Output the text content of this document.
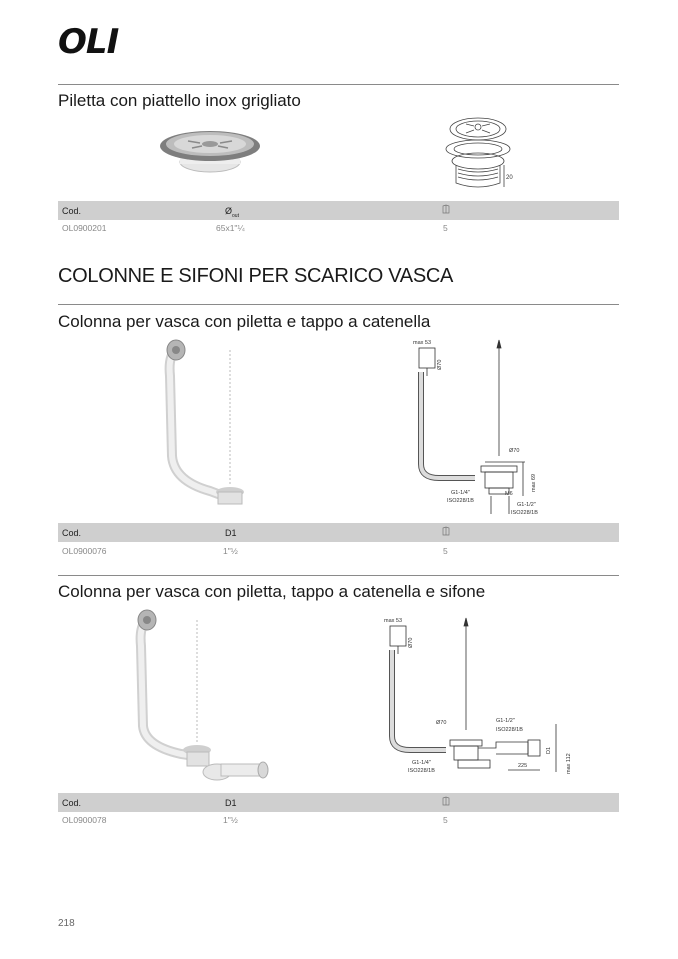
OLI
Piletta con piattello inox grigliato
20
Cod.	$Ø_{out}$
OL0900201	65x1"¼	5
COLONNE E SIFONI PER SCARICO VASCA
Colonna per vasca con piletta e tappo a catenella
max 53
Ø70
Ø70
max 69
M6
G1-1/4"
ISO228/1B
G1-1/2"
ISO228/1B
Cod.	D1
OL0900076	1"½	5
Colonna per vasca con piletta, tappo a catenella e sifone
max 53
Ø70
Ø70	G1-1/2"
ISO228/1B
G1-1/4"
ISO228/1B
D1
225	max 112
Cod.	D1
OL0900078	1"½	5
218
